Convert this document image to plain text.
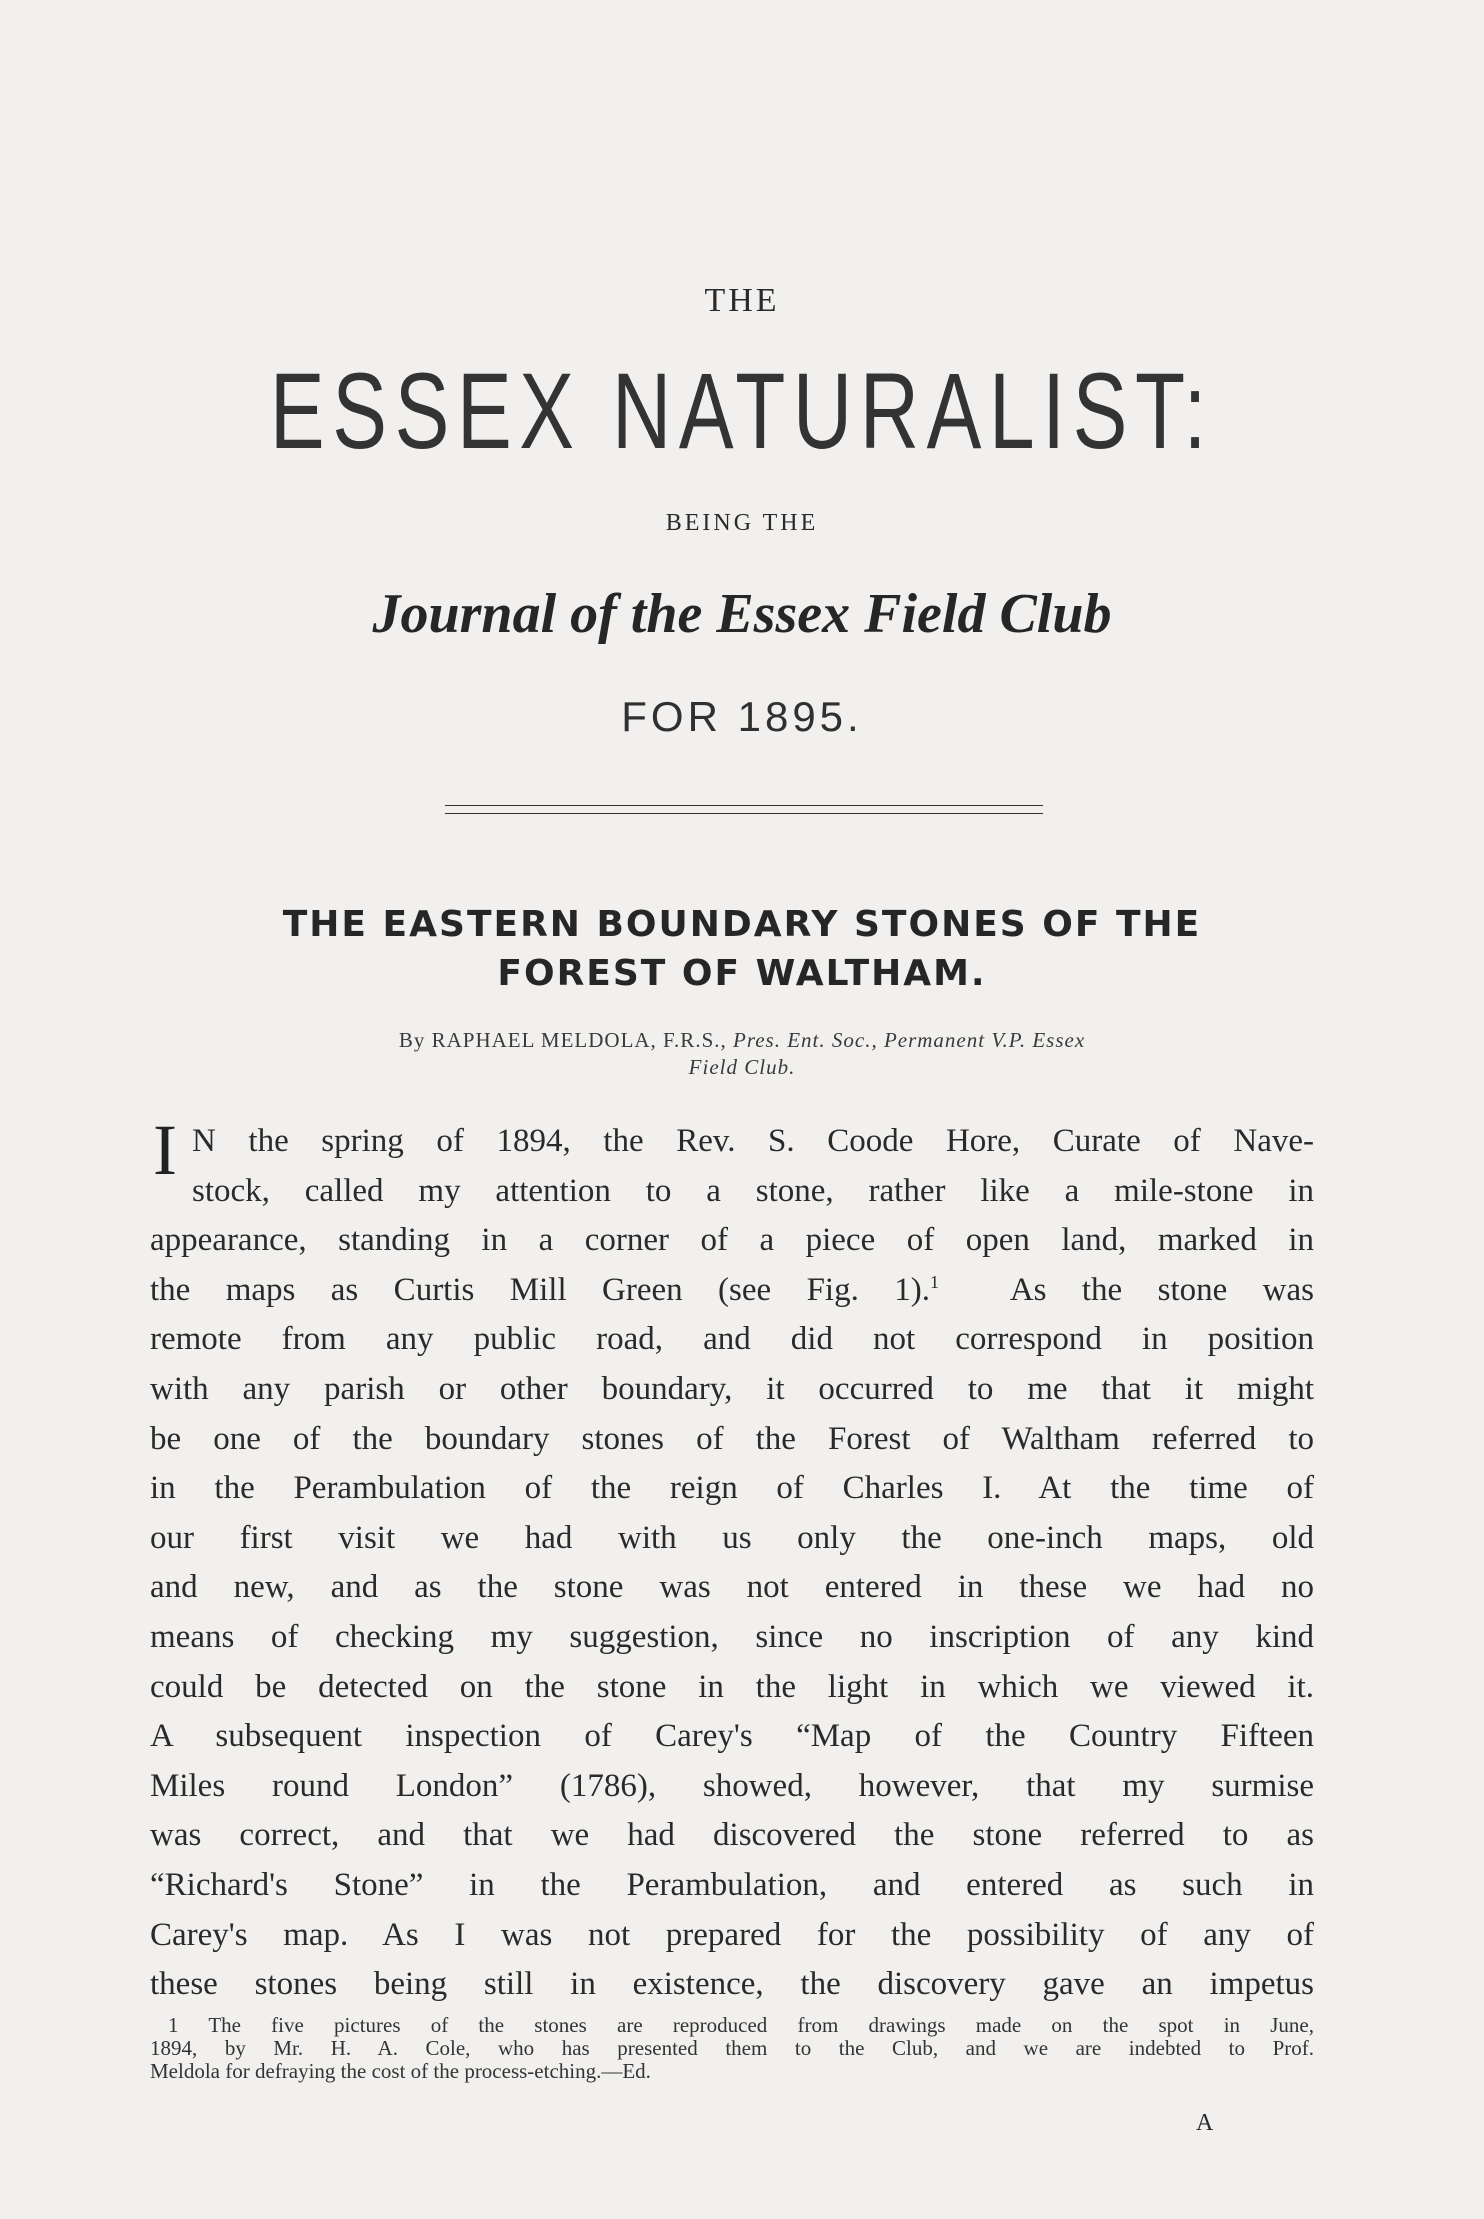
THE
ESSEX NATURALIST:
BEING THE
Journal of the Essex Field Club
FOR 1895.
THE EASTERN BOUNDARY STONES OF THE
FOREST OF WALTHAM.
By RAPHAEL MELDOLA, F.R.S., Pres. Ent. Soc., Permanent V.P. Essex
Field Club.
I N the spring of 1894, the Rev. S. Coode Hore, Curate of Nave-
stock, called my attention to a stone, rather like a mile-stone in
appearance, standing in a corner of a piece of open land, marked in
the maps as Curtis Mill Green (see Fig. 1).$^1$ As the stone was
remote from any public road, and did not correspond in position
with any parish or other boundary, it occurred to me that it might
be one of the boundary stones of the Forest of Waltham referred to
in the Perambulation of the reign of Charles I. At the time of
our first visit we had with us only the one-inch maps, old
and new, and as the stone was not entered in these we had no
means of checking my suggestion, since no inscription of any kind
could be detected on the stone in the light in which we viewed it.
A subsequent inspection of Carey's “Map of the Country Fifteen
Miles round London” (1786), showed, however, that my surmise
was correct, and that we had discovered the stone referred to as
“Richard's Stone” in the Perambulation, and entered as such in
Carey's map. As I was not prepared for the possibility of any of
these stones being still in existence, the discovery gave an impetus
1 The five pictures of the stones are reproduced from drawings made on the spot in June,
1894, by Mr. H. A. Cole, who has presented them to the Club, and we are indebted to Prof.
Meldola for defraying the cost of the process-etching.—Ed.
A
